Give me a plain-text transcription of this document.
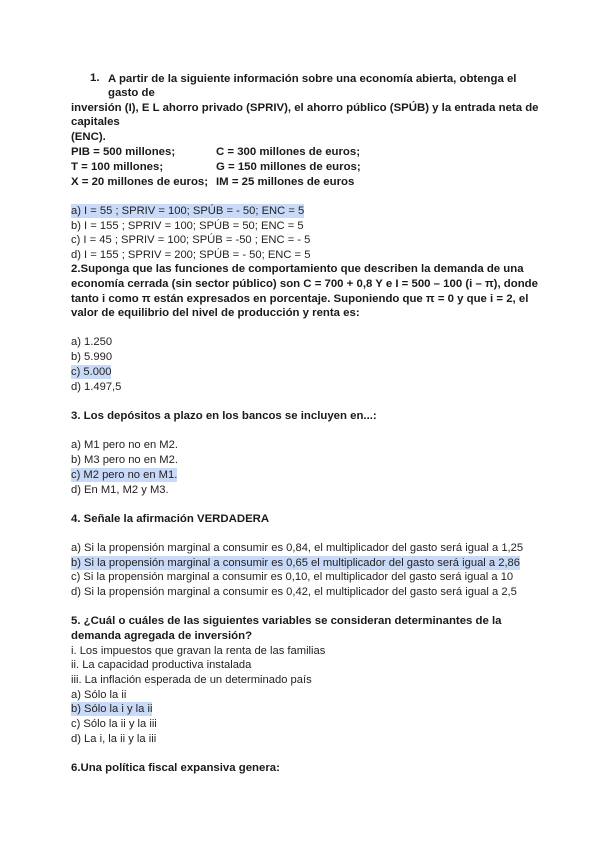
1. A partir de la siguiente información sobre una economía abierta, obtenga el
gasto de
inversión (I), E L ahorro privado (SPRIV), el ahorro público (SPÚB) y la entrada neta de
capitales
(ENC).
PIB = 500 millones;	C = 300 millones de euros;
T = 100 millones;	G = 150 millones de euros;
X = 20 millones de euros; IM = 25 millones de euros
a) I = 55 ; SPRIV = 100; SPÚB = - 50; ENC = 5
b) I = 155 ; SPRIV = 100; SPÚB = 50; ENC = 5
c) I = 45 ; SPRIV = 100; SPÚB = -50 ; ENC = - 5
d) I = 155 ; SPRIV = 200; SPÚB = - 50; ENC = 5
2.Suponga que las funciones de comportamiento que describen la demanda de una
economía cerrada (sin sector público) son C = 700 + 0,8 Y e I = 500 – 100 (i – π), donde
tanto i como π están expresados en porcentaje. Suponiendo que π = 0 y que i = 2, el
valor de equilibrio del nivel de producción y renta es:
a) 1.250
b) 5.990
c) 5.000
d) 1.497,5
3. Los depósitos a plazo en los bancos se incluyen en...:
a) M1 pero no en M2.
b) M3 pero no en M2.
c) M2 pero no en M1.
d) En M1, M2 y M3.
4. Señale la afirmación VERDADERA
a) Si la propensión marginal a consumir es 0,84, el multiplicador del gasto será igual a 1,25
b) Si la propensión marginal a consumir es 0,65 el multiplicador del gasto será igual a 2,86
c) Si la propensión marginal a consumir es 0,10, el multiplicador del gasto será igual a 10
d) Si la propensión marginal a consumir es 0,42, el multiplicador del gasto será igual a 2,5
5. ¿Cuál o cuáles de las siguientes variables se consideran determinantes de la
demanda agregada de inversión?
i. Los impuestos que gravan la renta de las familias
ii. La capacidad productiva instalada
iii. La inflación esperada de un determinado país
a) Sólo la ii
b) Sólo la i y la ii
c) Sólo la ii y la iii
d) La i, la ii y la iii
6.Una política fiscal expansiva genera:
